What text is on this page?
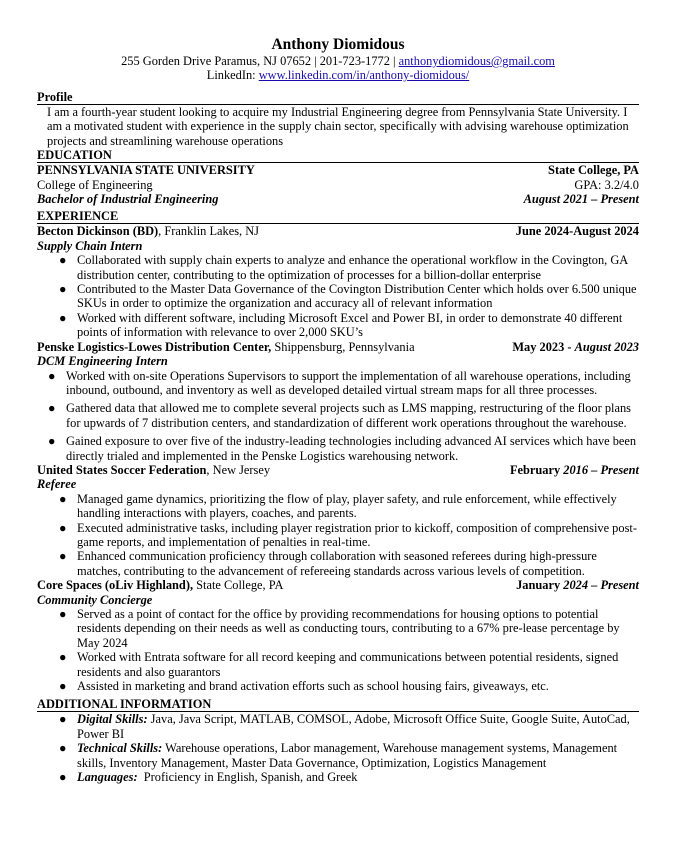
Anthony Diomidous
255 Gorden Drive Paramus, NJ 07652 | 201-723-1772 | anthonydiomidous@gmail.com
LinkedIn: www.linkedin.com/in/anthony-diomidous/
Profile
I am a fourth-year student looking to acquire my Industrial Engineering degree from Pennsylvania State University. I am a motivated student with experience in the supply chain sector, specifically with advising warehouse optimization projects and streamlining warehouse operations
EDUCATION
PENNSYLVANIA STATE UNIVERSITY	State College, PA
College of Engineering	GPA: 3.2/4.0
Bachelor of Industrial Engineering	August 2021 – Present
EXPERIENCE
Becton Dickinson (BD), Franklin Lakes, NJ	June 2024-August 2024
Supply Chain Intern
● Collaborated with supply chain experts to analyze and enhance the operational workflow in the Covington, GA distribution center, contributing to the optimization of processes for a billion-dollar enterprise
● Contributed to the Master Data Governance of the Covington Distribution Center which holds over 6.500 unique SKUs in order to optimize the organization and accuracy all of relevant information
● Worked with different software, including Microsoft Excel and Power BI, in order to demonstrate 40 different points of information with relevance to over 2,000 SKU’s
Penske Logistics-Lowes Distribution Center, Shippensburg, Pennsylvania	May 2023 - August 2023
DCM Engineering Intern
● Worked with on-site Operations Supervisors to support the implementation of all warehouse operations, including inbound, outbound, and inventory as well as developed detailed virtual stream maps for all three processes.
● Gathered data that allowed me to complete several projects such as LMS mapping, restructuring of the floor plans for upwards of 7 distribution centers, and standardization of different work operations throughout the warehouse.
● Gained exposure to over five of the industry-leading technologies including advanced AI services which have been directly trialed and implemented in the Penske Logistics warehousing network.
United States Soccer Federation, New Jersey	February 2016 – Present
Referee
● Managed game dynamics, prioritizing the flow of play, player safety, and rule enforcement, while effectively handling interactions with players, coaches, and parents.
● Executed administrative tasks, including player registration prior to kickoff, composition of comprehensive post-game reports, and implementation of penalties in real-time.
● Enhanced communication proficiency through collaboration with seasoned referees during high-pressure matches, contributing to the advancement of refereeing standards across various levels of competition.
Core Spaces (oLiv Highland), State College, PA	January 2024 – Present
Community Concierge
● Served as a point of contact for the office by providing recommendations for housing options to potential residents depending on their needs as well as conducting tours, contributing to a 67% pre-lease percentage by May 2024
● Worked with Entrata software for all record keeping and communications between potential residents, signed residents and also guarantors
● Assisted in marketing and brand activation efforts such as school housing fairs, giveaways, etc.
ADDITIONAL INFORMATION
● Digital Skills: Java, Java Script, MATLAB, COMSOL, Adobe, Microsoft Office Suite, Google Suite, AutoCad, Power BI
● Technical Skills: Warehouse operations, Labor management, Warehouse management systems, Management skills, Inventory Management, Master Data Governance, Optimization, Logistics Management
● Languages:  Proficiency in English, Spanish, and Greek
